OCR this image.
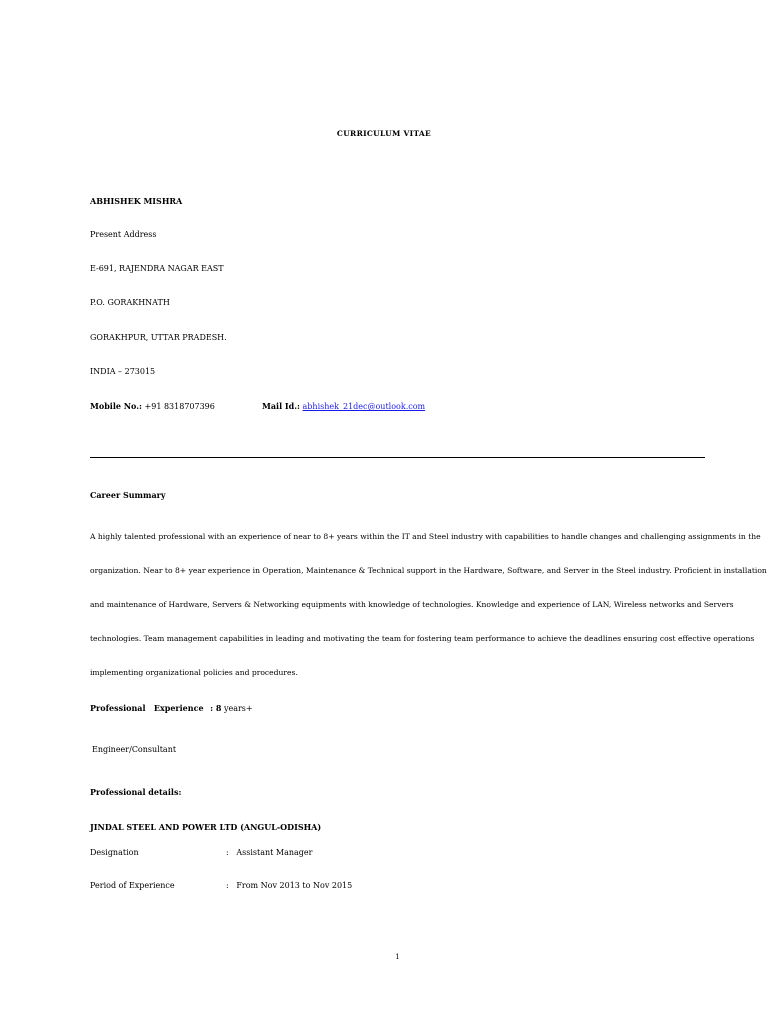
CURRICULUM VITAE
ABHISHEK MISHRA
Present Address
E-691, RAJENDRA NAGAR EAST
P.O. GORAKHNATH
GORAKHPUR, UTTAR PRADESH.
INDIA – 273015
Mobile No.: +91 8318707396	Mail Id.: abhishek_21dec@outlook.com
Career Summary
A highly talented professional with an experience of near to 8+ years within the IT and Steel industry with capabilities to handle changes and challenging assignments in the
organization. Near to 8+ year experience in Operation, Maintenance & Technical support in the Hardware, Software, and Server in the Steel industry. Proficient in installation
and maintenance of Hardware, Servers & Networking equipments with knowledge of technologies. Knowledge and experience of LAN, Wireless networks and Servers
technologies. Team management capabilities in leading and motivating the team for fostering team performance to achieve the deadlines ensuring cost effective operations
implementing organizational policies and procedures.
Professional   Experience : 8 years+
Engineer/Consultant
Professional details:
JINDAL STEEL AND POWER LTD (ANGUL-ODISHA)
Designation	:   Assistant Manager
Period of Experience	:   From Nov 2013 to Nov 2015
1
